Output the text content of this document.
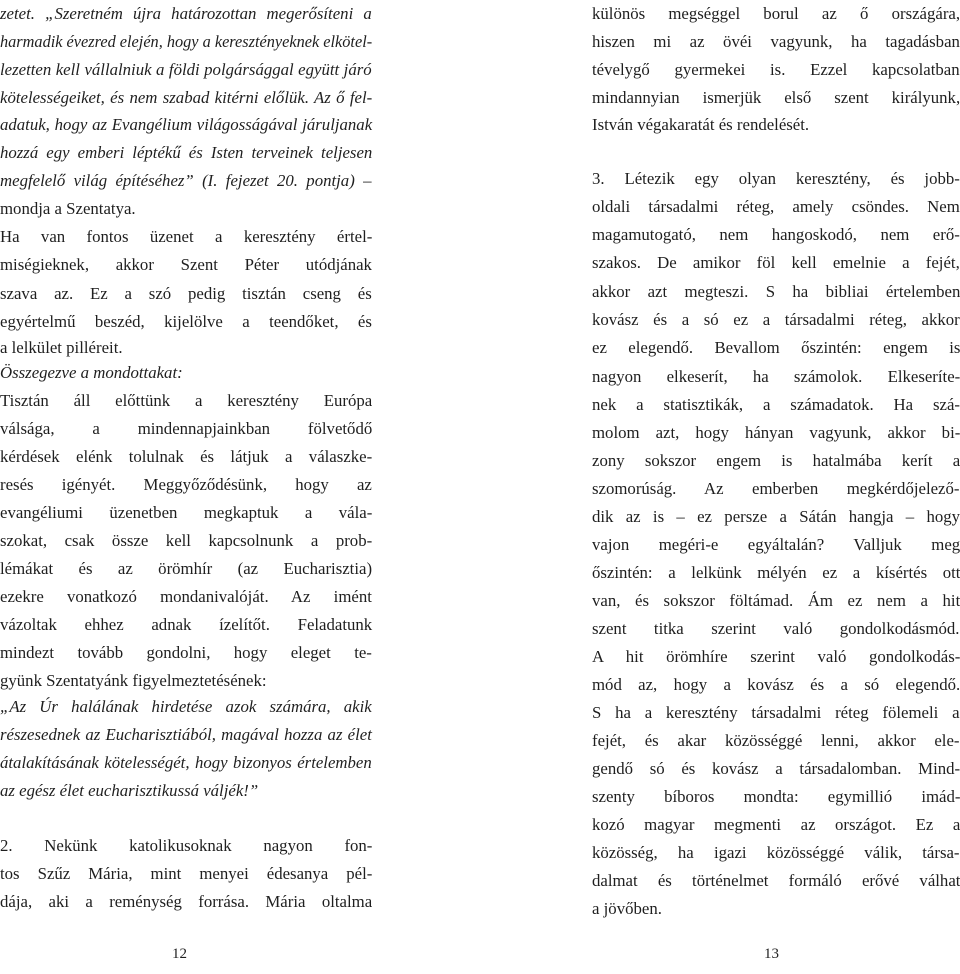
zetet. „Szeretném újra határozottan megerősíteni a
harmadik évezred elején, hogy a keresztényeknek elkötel-
lezetten kell vállalniuk a földi polgársággal együtt járó
kötelességeiket, és nem szabad kitérni előlük. Az ő fel-
adatuk, hogy az Evangélium világosságával járuljanak
hozzá egy emberi léptékű és Isten terveinek teljesen
megfelelő világ építéséhez” (I. fejezet 20. pontja) –
mondja a Szentatya.
Ha van fontos üzenet a keresztény értel-
miségieknek, akkor Szent Péter utódjának
szava az. Ez a szó pedig tisztán cseng és
egyértelmű beszéd, kijelölve a teendőket, és
a lelkület pilléreit.
Összegezve a mondottakat:
Tisztán áll előttünk a keresztény Európa
válsága, a mindennapjainkban fölvetődő
kérdések elénk tolulnak és látjuk a válaszke-
resés igényét. Meggyőződésünk, hogy az
evangéliumi üzenetben megkaptuk a vála-
szokat, csak össze kell kapcsolnunk a prob-
lémákat és az örömhír (az Eucharisztia)
ezekre vonatkozó mondanivalóját. Az imént
vázoltak ehhez adnak ízelítőt. Feladatunk
mindezt tovább gondolni, hogy eleget te-
gyünk Szentatyánk figyelmeztetésének:
„Az Úr halálának hirdetése azok számára, akik
részesednek az Eucharisztiából, magával hozza az élet
átalakításának kötelességét, hogy bizonyos értelemben
az egész élet eucharisztikussá váljék!”
2. Nekünk katolikusoknak nagyon fon-
tos Szűz Mária, mint menyei édesanya pél-
dája, aki a reménység forrása. Mária oltalma
különös megséggel borul az ő országára,
hiszen mi az övéi vagyunk, ha tagadásban
tévelygő gyermekei is. Ezzel kapcsolatban
mindannyian ismerjük első szent királyunk,
István végakaratát és rendelését.
3. Létezik egy olyan keresztény, és jobb-
oldali társadalmi réteg, amely csöndes. Nem
magamutogató, nem hangoskodó, nem erő-
szakos. De amikor föl kell emelnie a fejét,
akkor azt megteszi. S ha bibliai értelemben
kovász és a só ez a társadalmi réteg, akkor
ez elegendő. Bevallom őszintén: engem is
nagyon elkeserít, ha számolok. Elkeseríte-
nek a statisztikák, a számadatok. Ha szá-
molom azt, hogy hányan vagyunk, akkor bi-
zony sokszor engem is hatalmába kerít a
szomorúság. Az emberben megkérdőjelező-
dik az is – ez persze a Sátán hangja – hogy
vajon megéri-e egyáltalán? Valljuk meg
őszintén: a lelkünk mélyén ez a kísértés ott
van, és sokszor föltámad. Ám ez nem a hit
szent titka szerint való gondolkodásmód.
A hit örömhíre szerint való gondolkodás-
mód az, hogy a kovász és a só elegendő.
S ha a keresztény társadalmi réteg fölemeli a
fejét, és akar közösséggé lenni, akkor ele-
gendő só és kovász a társadalomban. Mind-
szenty bíboros mondta: egymillió imád-
kozó magyar megmenti az országot. Ez a
közösség, ha igazi közösséggé válik, társa-
dalmat és történelmet formáló erővé válhat
a jövőben.
12	13
